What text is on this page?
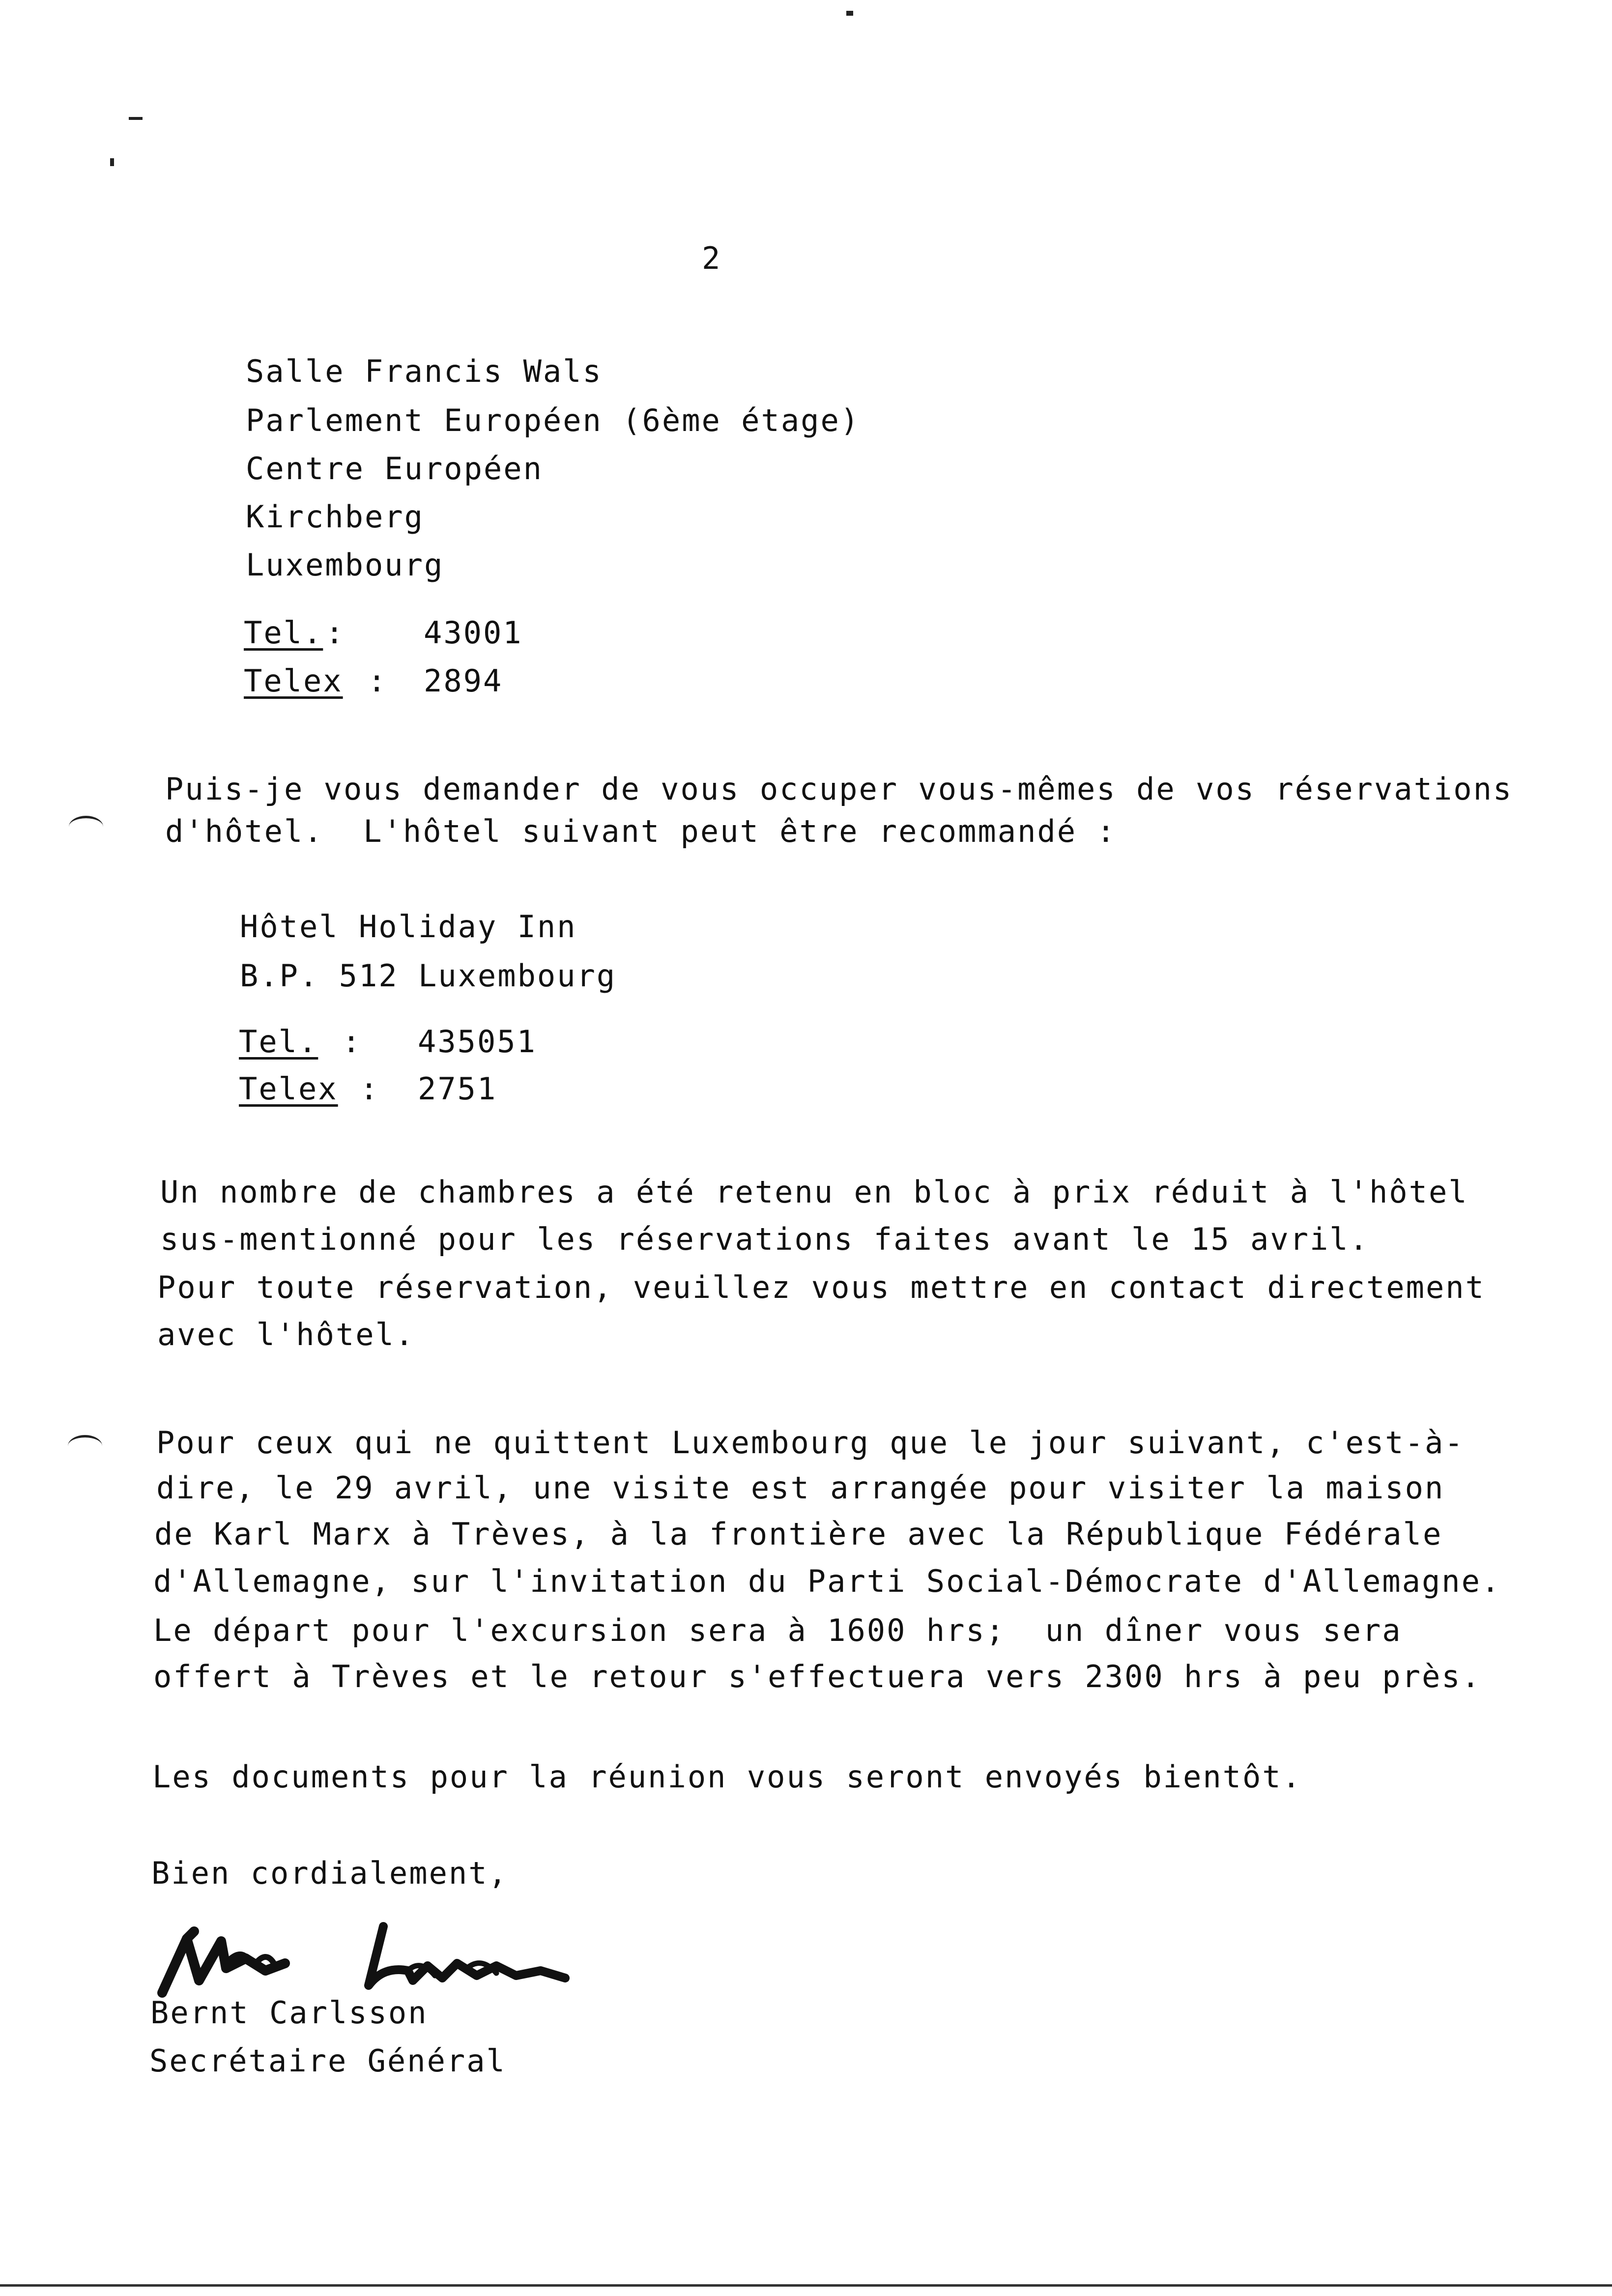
2
Salle Francis Wals
Parlement Européen (6ème étage)
Centre Européen
Kirchberg
Luxembourg
Tel. :	43001
Telex : 2894
Puis-je vous demander de vous occuper vous-mêmes de vos réservations
d'hôtel.  L'hôtel suivant peut être recommandé :
Hôtel Holiday Inn
B.P. 512 Luxembourg
Tel. : 435051
Telex : 2751
Un nombre de chambres a été retenu en bloc à prix réduit à l'hôtel
sus-mentionné pour les réservations faites avant le 15 avril.
Pour toute réservation, veuillez vous mettre en contact directement
avec l'hôtel.
Pour ceux qui ne quittent Luxembourg que le jour suivant, c'est-à-
dire, le 29 avril, une visite est arrangée pour visiter la maison
de Karl Marx à Trèves, à la frontière avec la République Fédérale
d'Allemagne, sur l'invitation du Parti Social-Démocrate d'Allemagne.
Le départ pour l'excursion sera à 1600 hrs;  un dîner vous sera
offert à Trèves et le retour s'effectuera vers 2300 hrs à peu près.
Les documents pour la réunion vous seront envoyés bientôt.
Bien cordialement,
Bernt Carlsson
Secrétaire Général
